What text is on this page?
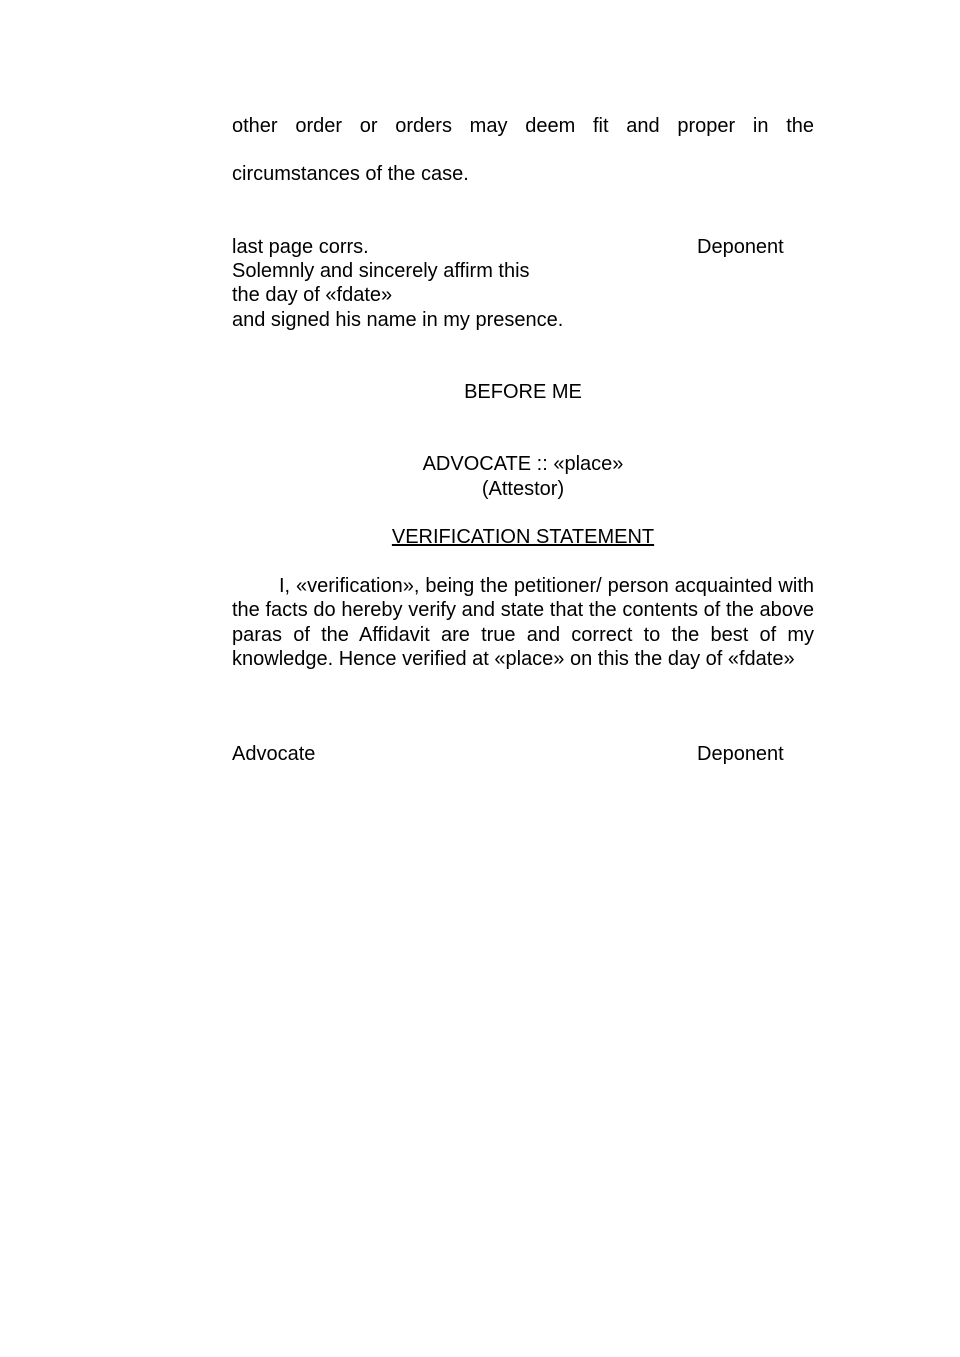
other order or orders may deem fit and proper in the
circumstances of the case.
last page corrs.	Deponent
Solemnly and sincerely affirm this
the day of «fdate»
and signed his name in my presence.
BEFORE ME
ADVOCATE :: «place»
(Attestor)
VERIFICATION STATEMENT
I, «verification», being the petitioner/ person acquainted with the facts do hereby verify and state that the contents of the above paras of the Affidavit are true and correct to the best of my knowledge. Hence verified at «place» on this the day of «fdate»
Advocate	Deponent
